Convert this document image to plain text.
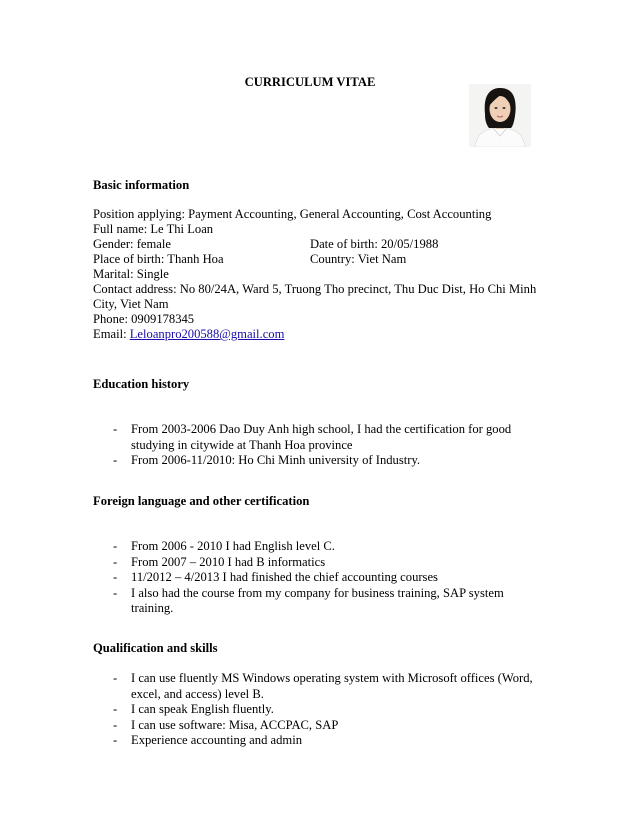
CURRICULUM VITAE
Basic information
Position applying: Payment Accounting, General Accounting, Cost Accounting
Full name: Le Thi Loan
Gender: female	Date of birth: 20/05/1988
Place of birth: Thanh Hoa	Country: Viet Nam
Marital: Single
Contact address: No 80/24A, Ward 5, Truong Tho precinct, Thu Duc Dist, Ho Chi Minh
City, Viet Nam
Phone: 0909178345
Email: Leloanpro200588@gmail.com
Education history
- From 2003-2006 Dao Duy Anh high school, I had the certification for good studying in citywide at Thanh Hoa province
- From 2006-11/2010: Ho Chi Minh university of Industry.
Foreign language and other certification
- From 2006 - 2010 I had English level C.
- From 2007 – 2010 I had B informatics
- 11/2012 – 4/2013 I had finished the chief accounting courses
- I also had the course from my company for business training, SAP system training.
Qualification and skills
- I can use fluently MS Windows operating system with Microsoft offices (Word, excel, and access) level B.
- I can speak English fluently.
- I can use software: Misa, ACCPAC, SAP
- Experience accounting and admin
